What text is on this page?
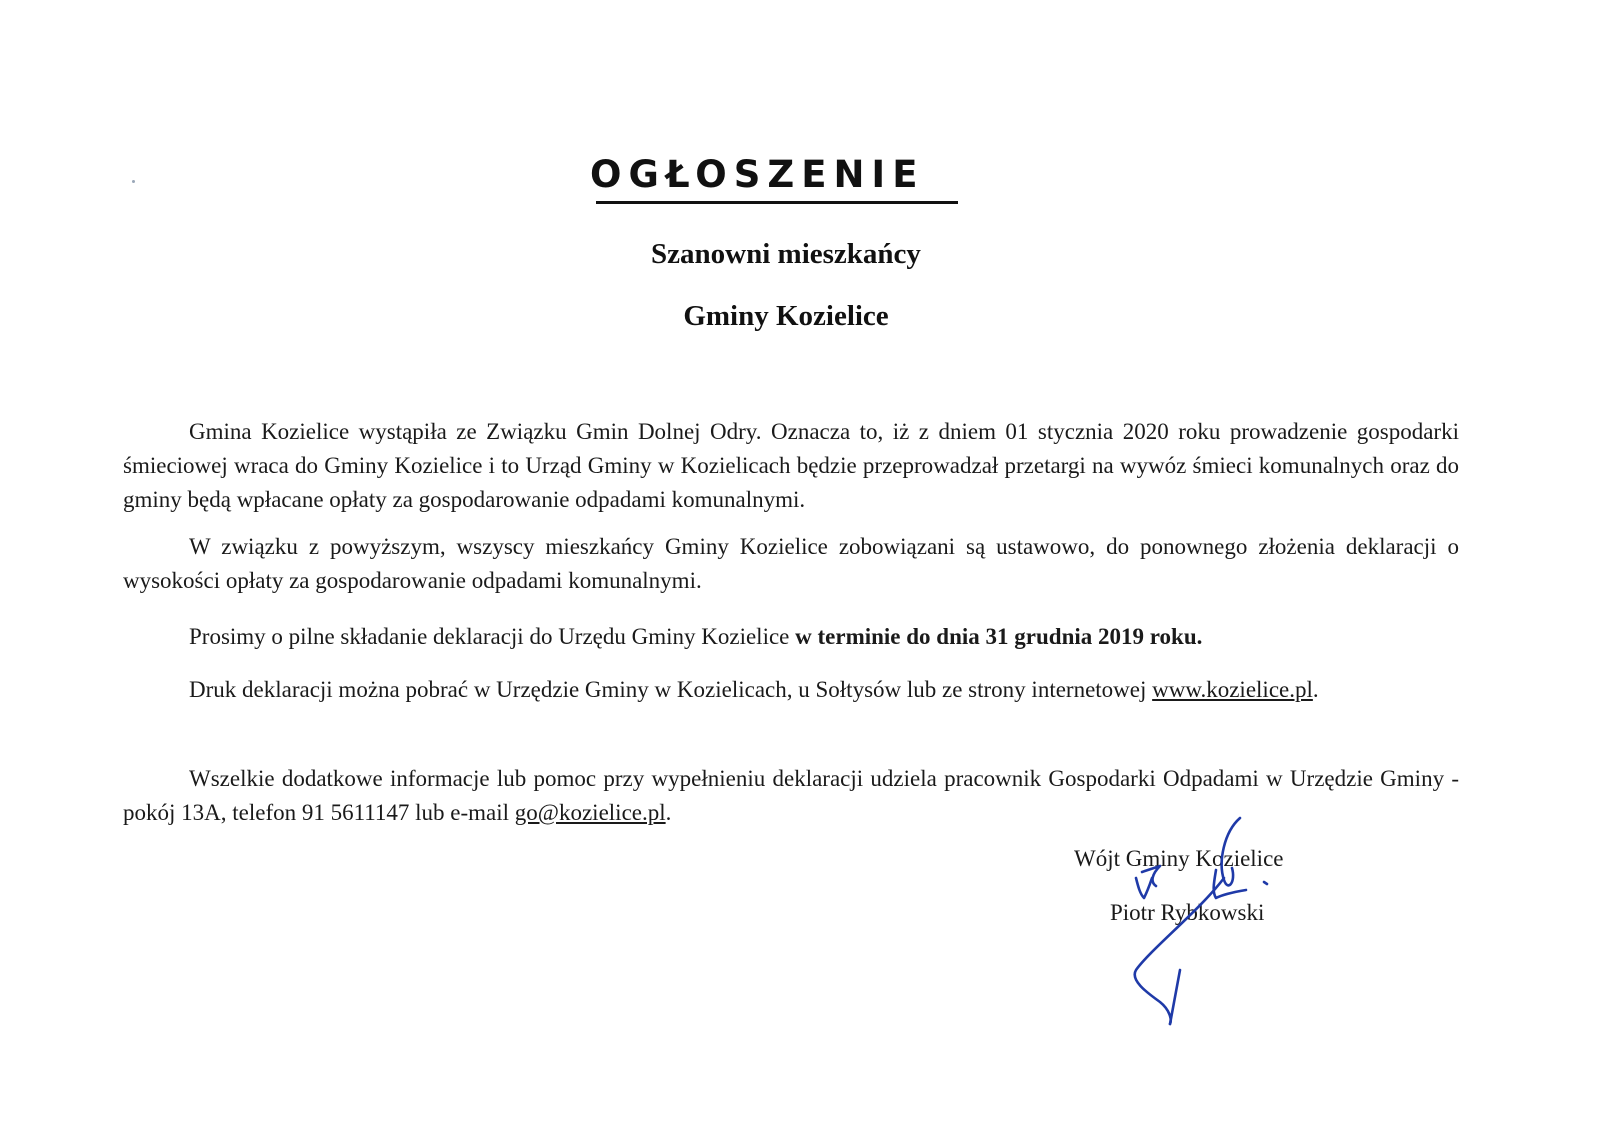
OGŁOSZENIE
Szanowni mieszkańcy
Gminy Kozielice
Gmina Kozielice wystąpiła ze Związku Gmin Dolnej Odry. Oznacza to, iż z dniem 01 stycznia 2020 roku prowadzenie gospodarki śmieciowej wraca do Gminy Kozielice i to Urząd Gminy w Kozielicach będzie przeprowadzał przetargi na wywóz śmieci komunalnych oraz do gminy będą wpłacane opłaty za gospodarowanie odpadami komunalnymi.
W związku z powyższym, wszyscy mieszkańcy Gminy Kozielice zobowiązani są ustawowo, do ponownego złożenia deklaracji o wysokości opłaty za gospodarowanie odpadami komunalnymi.
Prosimy o pilne składanie deklaracji do Urzędu Gminy Kozielice w terminie do dnia 31 grudnia 2019 roku.
Druk deklaracji można pobrać w Urzędzie Gminy w Kozielicach, u Sołtysów lub ze strony internetowej www.kozielice.pl.
Wszelkie dodatkowe informacje lub pomoc przy wypełnieniu deklaracji udziela pracownik Gospodarki Odpadami w Urzędzie Gminy - pokój 13A, telefon 91 5611147 lub e-mail go@kozielice.pl.
Wójt Gminy Kozielice
Piotr Rybkowski
